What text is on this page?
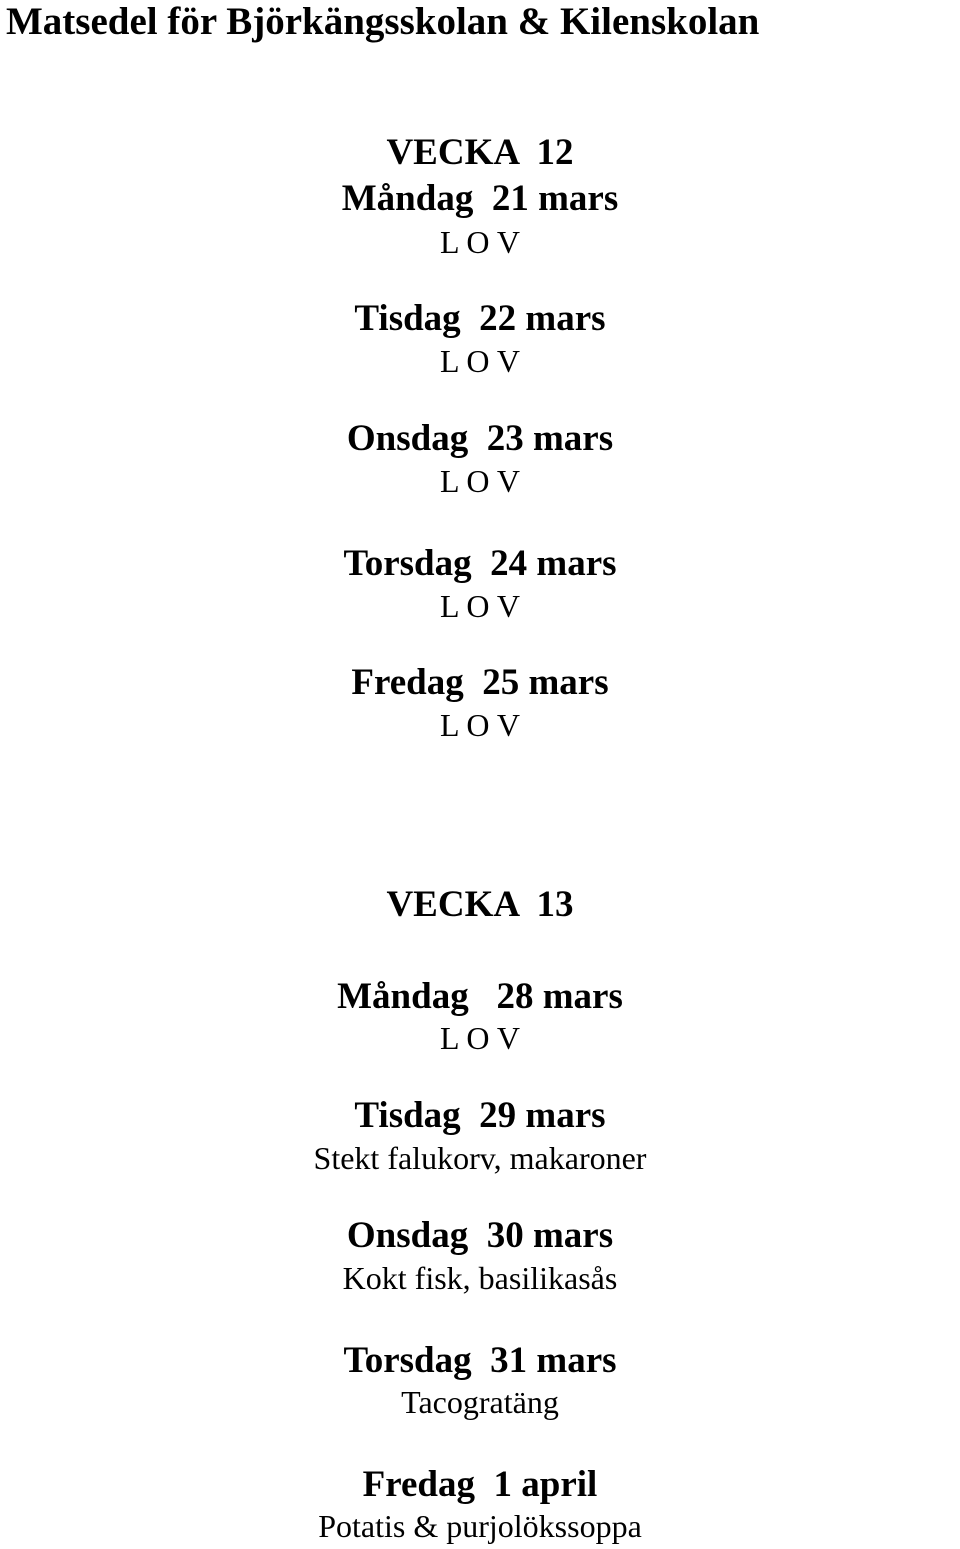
Matsedel för Björkängsskolan & Kilenskolan
VECKA  12
Måndag  21 mars
L O V
Tisdag  22 mars
L O V
Onsdag  23 mars
L O V
Torsdag  24 mars
L O V
Fredag  25 mars
L O V
VECKA  13
Måndag   28 mars
L O V
Tisdag  29 mars
Stekt falukorv, makaroner
Onsdag  30 mars
Kokt fisk, basilikasås
Torsdag  31 mars
Tacogratäng
Fredag  1 april
Potatis & purjolökssoppa
